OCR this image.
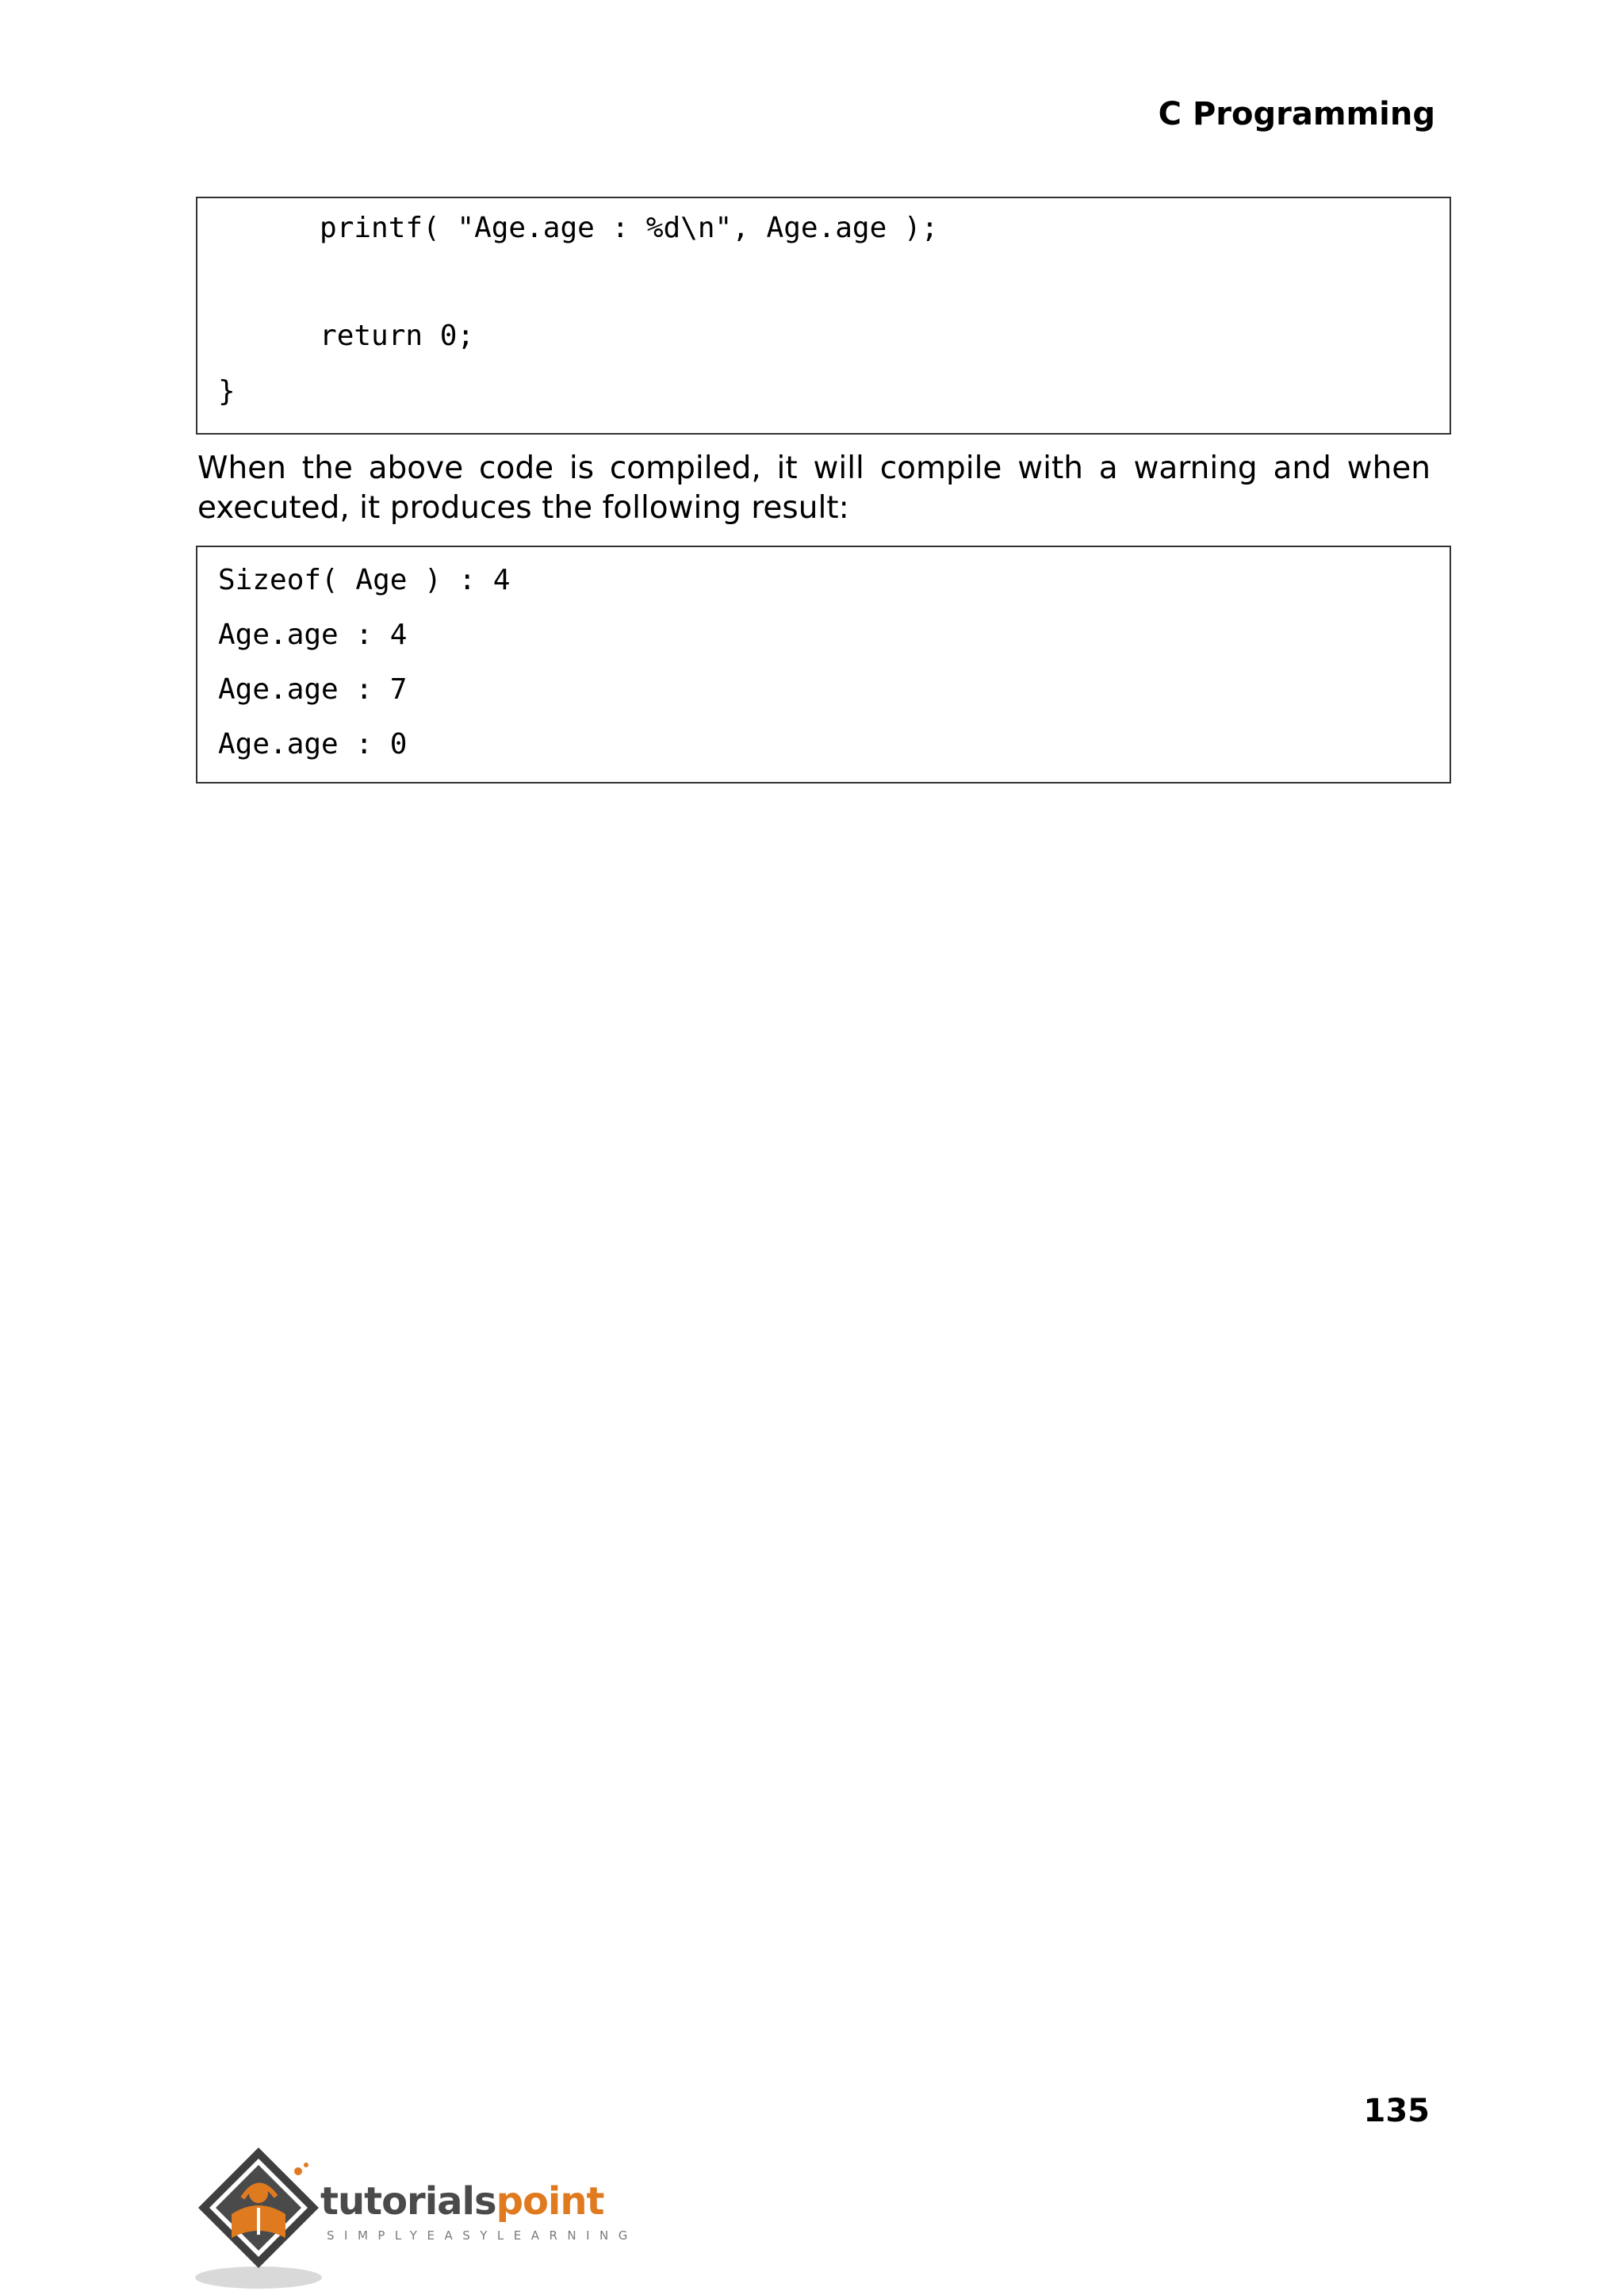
C Programming
printf( "Age.age : %d\n", Age.age );
return 0;
}
When the above code is compiled, it will compile with a warning and when executed, it produces the following result:
Sizeof( Age ) : 4
Age.age : 4
Age.age : 7
Age.age : 0
135
tutorialspoint
SIMPLYEASYLEARNING
